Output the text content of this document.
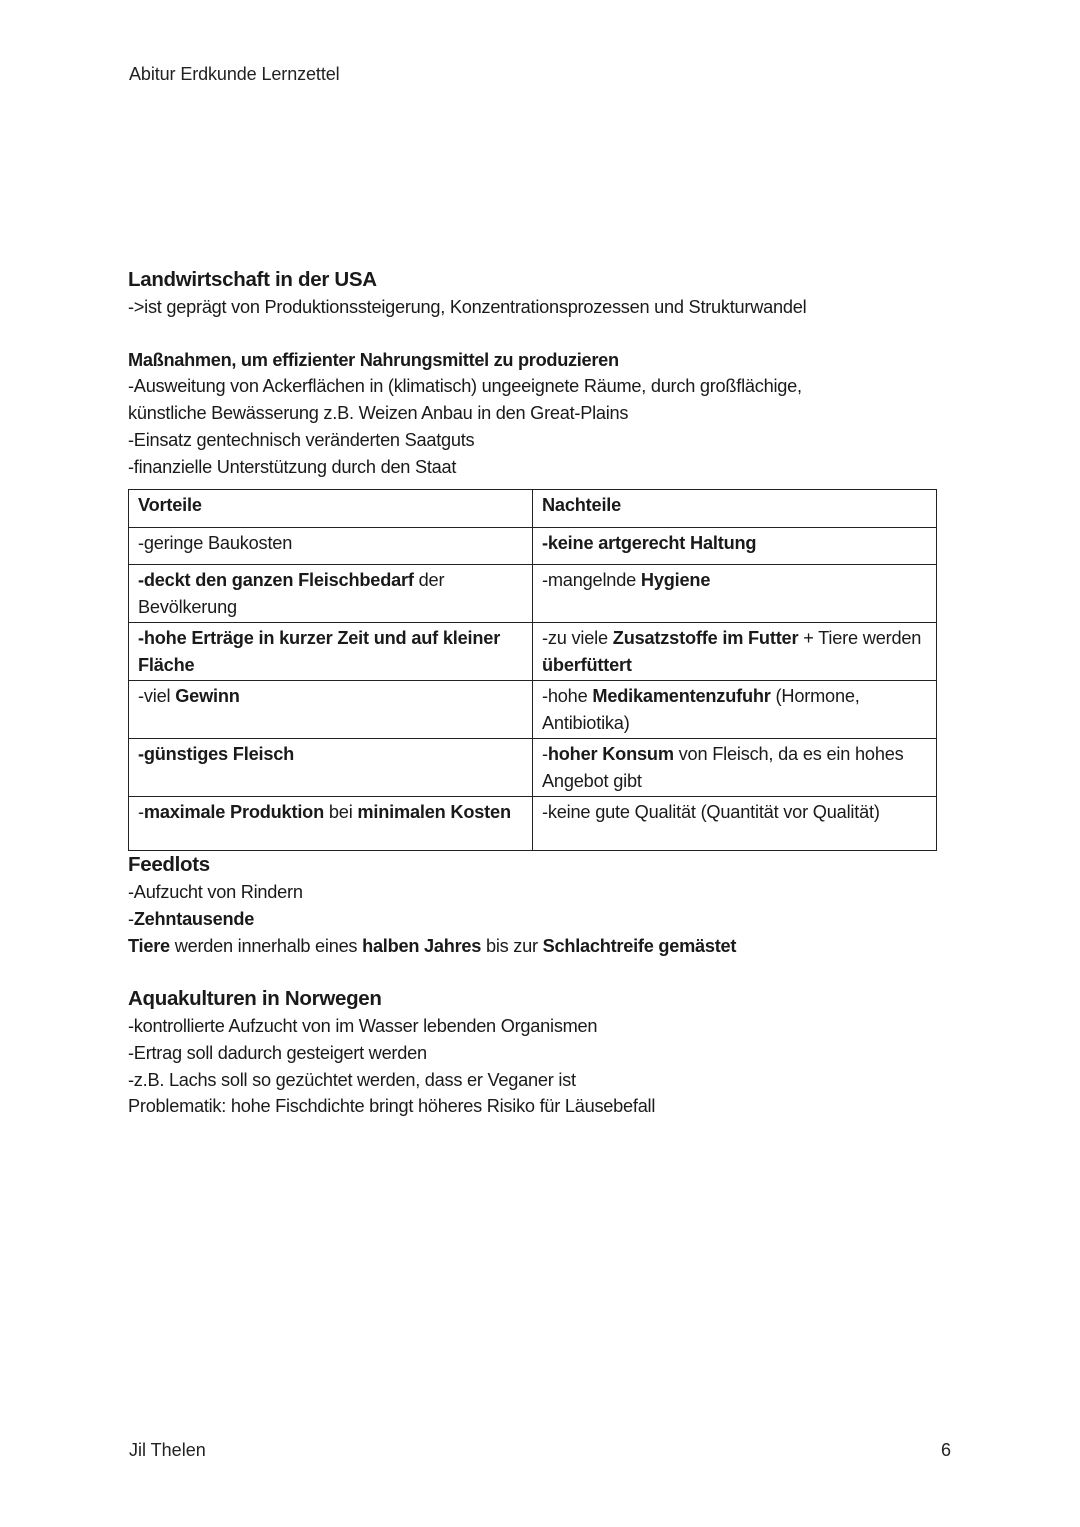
Abitur Erdkunde Lernzettel
Landwirtschaft in der USA
->ist geprägt von Produktionssteigerung, Konzentrationsprozessen und Strukturwandel
Maßnahmen, um effizienter Nahrungsmittel zu produzieren
-Ausweitung von Ackerflächen in (klimatisch) ungeeignete Räume, durch großflächige,
künstliche Bewässerung z.B. Weizen Anbau in den Great-Plains
-Einsatz gentechnisch veränderten Saatguts
-finanzielle Unterstützung durch den Staat
Vorteile	Nachteile
-geringe Baukosten	-keine artgerecht Haltung
-deckt den ganzen Fleischbedarf der Bevölkerung	-mangelnde Hygiene
-hohe Erträge in kurzer Zeit und auf kleiner Fläche	-zu viele Zusatzstoffe im Futter + Tiere werden überfüttert
-viel Gewinn	-hohe Medikamentenzufuhr (Hormone, Antibiotika)
-günstiges Fleisch	-hoher Konsum von Fleisch, da es ein hohes Angebot gibt
-maximale Produktion bei minimalen Kosten	-keine gute Qualität (Quantität vor Qualität)
Feedlots
-Aufzucht von Rindern
-Zehntausende
Tiere werden innerhalb eines halben Jahres bis zur Schlachtreife gemästet
Aquakulturen in Norwegen
-kontrollierte Aufzucht von im Wasser lebenden Organismen
-Ertrag soll dadurch gesteigert werden
-z.B. Lachs soll so gezüchtet werden, dass er Veganer ist
Problematik: hohe Fischdichte bringt höheres Risiko für Läusebefall
Jil Thelen	6
